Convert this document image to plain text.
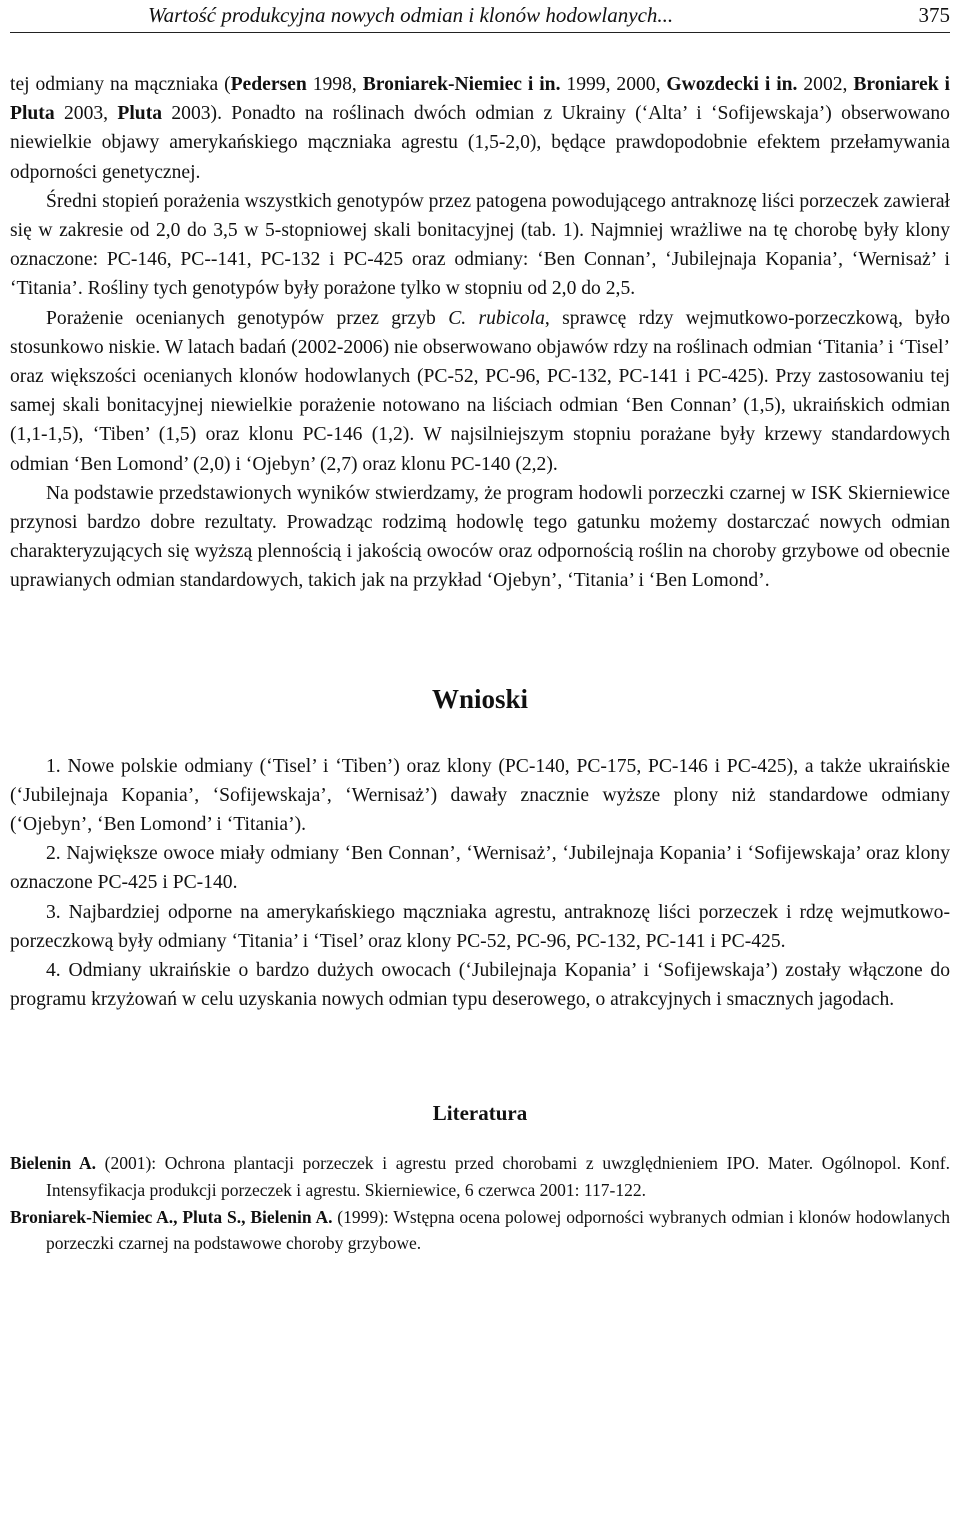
Wartość produkcyjna nowych odmian i klonów hodowlanych...	375

tej odmiany na mączniaka (Pedersen 1998, Broniarek-Niemiec i in. 1999, 2000, Gwozdecki i in. 2002, Broniarek i Pluta 2003, Pluta 2003). Ponadto na roślinach dwóch odmian z Ukrainy (‘Alta’ i ‘Sofijewskaja’) obserwowano niewielkie objawy amerykańskiego mączniaka agrestu (1,5-2,0), będące prawdopodobnie efektem przełamywania odporności genetycznej.

Średni stopień porażenia wszystkich genotypów przez patogena powodującego antraknozę liści porzeczek zawierał się w zakresie od 2,0 do 3,5 w 5-stopniowej skali bonitacyjnej (tab. 1). Najmniej wrażliwe na tę chorobę były klony oznaczone: PC-146, PC--141, PC-132 i PC-425 oraz odmiany: ‘Ben Connan’, ‘Jubilejnaja Kopania’, ‘Wernisaż’ i ‘Titania’. Rośliny tych genotypów były porażone tylko w stopniu od 2,0 do 2,5.

Porażenie ocenianych genotypów przez grzyb C. rubicola, sprawcę rdzy wejmutkowo-porzeczkową, było stosunkowo niskie. W latach badań (2002-2006) nie obserwowano objawów rdzy na roślinach odmian ‘Titania’ i ‘Tisel’ oraz większości ocenianych klonów hodowlanych (PC-52, PC-96, PC-132, PC-141 i PC-425). Przy zastosowaniu tej samej skali bonitacyjnej niewielkie porażenie notowano na liściach odmian ‘Ben Connan’ (1,5), ukraińskich odmian (1,1-1,5), ‘Tiben’ (1,5) oraz klonu PC-146 (1,2). W najsilniejszym stopniu porażane były krzewy standardowych odmian ‘Ben Lomond’ (2,0) i ‘Ojebyn’ (2,7) oraz klonu PC-140 (2,2).

Na podstawie przedstawionych wyników stwierdzamy, że program hodowli porzeczki czarnej w ISK Skierniewice przynosi bardzo dobre rezultaty. Prowadząc rodzimą hodowlę tego gatunku możemy dostarczać nowych odmian charakteryzujących się wyższą plennością i jakością owoców oraz odpornością roślin na choroby grzybowe od obecnie uprawianych odmian standardowych, takich jak na przykład ‘Ojebyn’, ‘Titania’ i ‘Ben Lomond’.

Wnioski

1. Nowe polskie odmiany (‘Tisel’ i ‘Tiben’) oraz klony (PC-140, PC-175, PC-146 i PC-425), a także ukraińskie (‘Jubilejnaja Kopania’, ‘Sofijewskaja’, ‘Wernisaż’) dawały znacznie wyższe plony niż standardowe odmiany (‘Ojebyn’, ‘Ben Lomond’ i ‘Titania’).

2. Największe owoce miały odmiany ‘Ben Connan’, ‘Wernisaż’, ‘Jubilejnaja Kopania’ i ‘Sofijewskaja’ oraz klony oznaczone PC-425 i PC-140.

3. Najbardziej odporne na amerykańskiego mączniaka agrestu, antraknozę liści porzeczek i rdzę wejmutkowo-porzeczkową były odmiany ‘Titania’ i ‘Tisel’ oraz klony PC-52, PC-96, PC-132, PC-141 i PC-425.

4. Odmiany ukraińskie o bardzo dużych owocach (‘Jubilejnaja Kopania’ i ‘Sofijewskaja’) zostały włączone do programu krzyżowań w celu uzyskania nowych odmian typu deserowego, o atrakcyjnych i smacznych jagodach.

Literatura

Bielenin A. (2001): Ochrona plantacji porzeczek i agrestu przed chorobami z uwzględnieniem IPO. Mater. Ogólnopol. Konf. Intensyfikacja produkcji porzeczek i agrestu. Skierniewice, 6 czerwca 2001: 117-122.

Broniarek-Niemiec A., Pluta S., Bielenin A. (1999): Wstępna ocena polowej odporności wybranych odmian i klonów hodowlanych porzeczki czarnej na podstawowe choroby grzybowe.
